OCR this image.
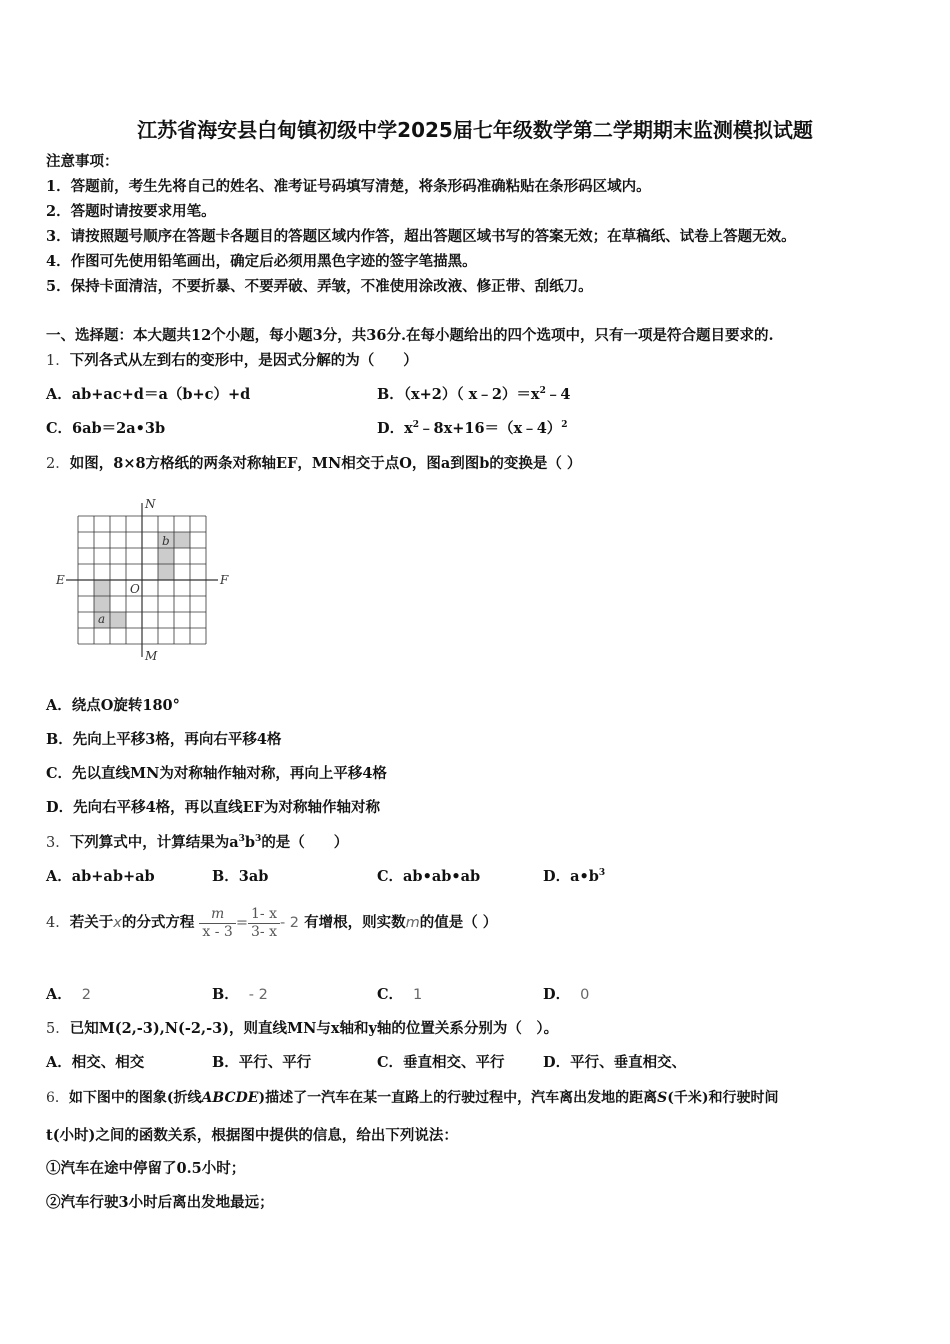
江苏省海安县白甸镇初级中学2025届七年级数学第二学期期末监测模拟试题
注意事项：
1．答题前，考生先将自己的姓名、准考证号码填写清楚，将条形码准确粘贴在条形码区域内。
2．答题时请按要求用笔。
3．请按照题号顺序在答题卡各题目的答题区域内作答，超出答题区域书写的答案无效；在草稿纸、试卷上答题无效。
4．作图可先使用铅笔画出，确定后必须用黑色字迹的签字笔描黑。
5．保持卡面清洁，不要折暴、不要弄破、弄皱，不准使用涂改液、修正带、刮纸刀。
一、选择题：本大题共12个小题，每小题3分，共36分.在每小题给出的四个选项中，只有一项是符合题目要求的.
1．下列各式从左到右的变形中，是因式分解的为（　　）
A．ab+ac+d＝a（b+c）+d	B．（x+2）（ $x﹣2)=x^2﹣4$
C．6ab＝2a•3b	D．$x^2﹣8x+16=(x﹣4)^2$
2．如图，8×8方格纸的两条对称轴EF，MN相交于点O，图a到图b的变换是（ ）
N
M
E	F
O
a
b
A．绕点O旋转180°
B．先向上平移3格，再向右平移4格
C．先以直线MN为对称轴作轴对称，再向上平移4格
D．先向右平移4格，再以直线EF为对称轴作轴对称
3．下列算式中，计算结果为$a^3b^3$的是（　　）
A．ab+ab+ab	B．3ab	C．ab•ab•ab	D．$a•b^3$
4．若关于x的分式方程 $\frac{m}{x - 3} = \frac{1- x}{3- x} - 2$ 有增根，则实数m的值是（ ）
A． 2	B． - 2	C． 1	D． 0
5．已知M(2,-3),N(-2,-3)，则直线MN与x轴和y轴的位置关系分别为（　）。
A．相交、相交	B．平行、平行	C．垂直相交、平行	D．平行、垂直相交、
6．如下图中的图象(折线ABCDE)描述了一汽车在某一直路上的行驶过程中，汽车离出发地的距离S(千米)和行驶时间
t(小时)之间的函数关系，根据图中提供的信息，给出下列说法：
①汽车在途中停留了0.5小时；
②汽车行驶3小时后离出发地最远；
